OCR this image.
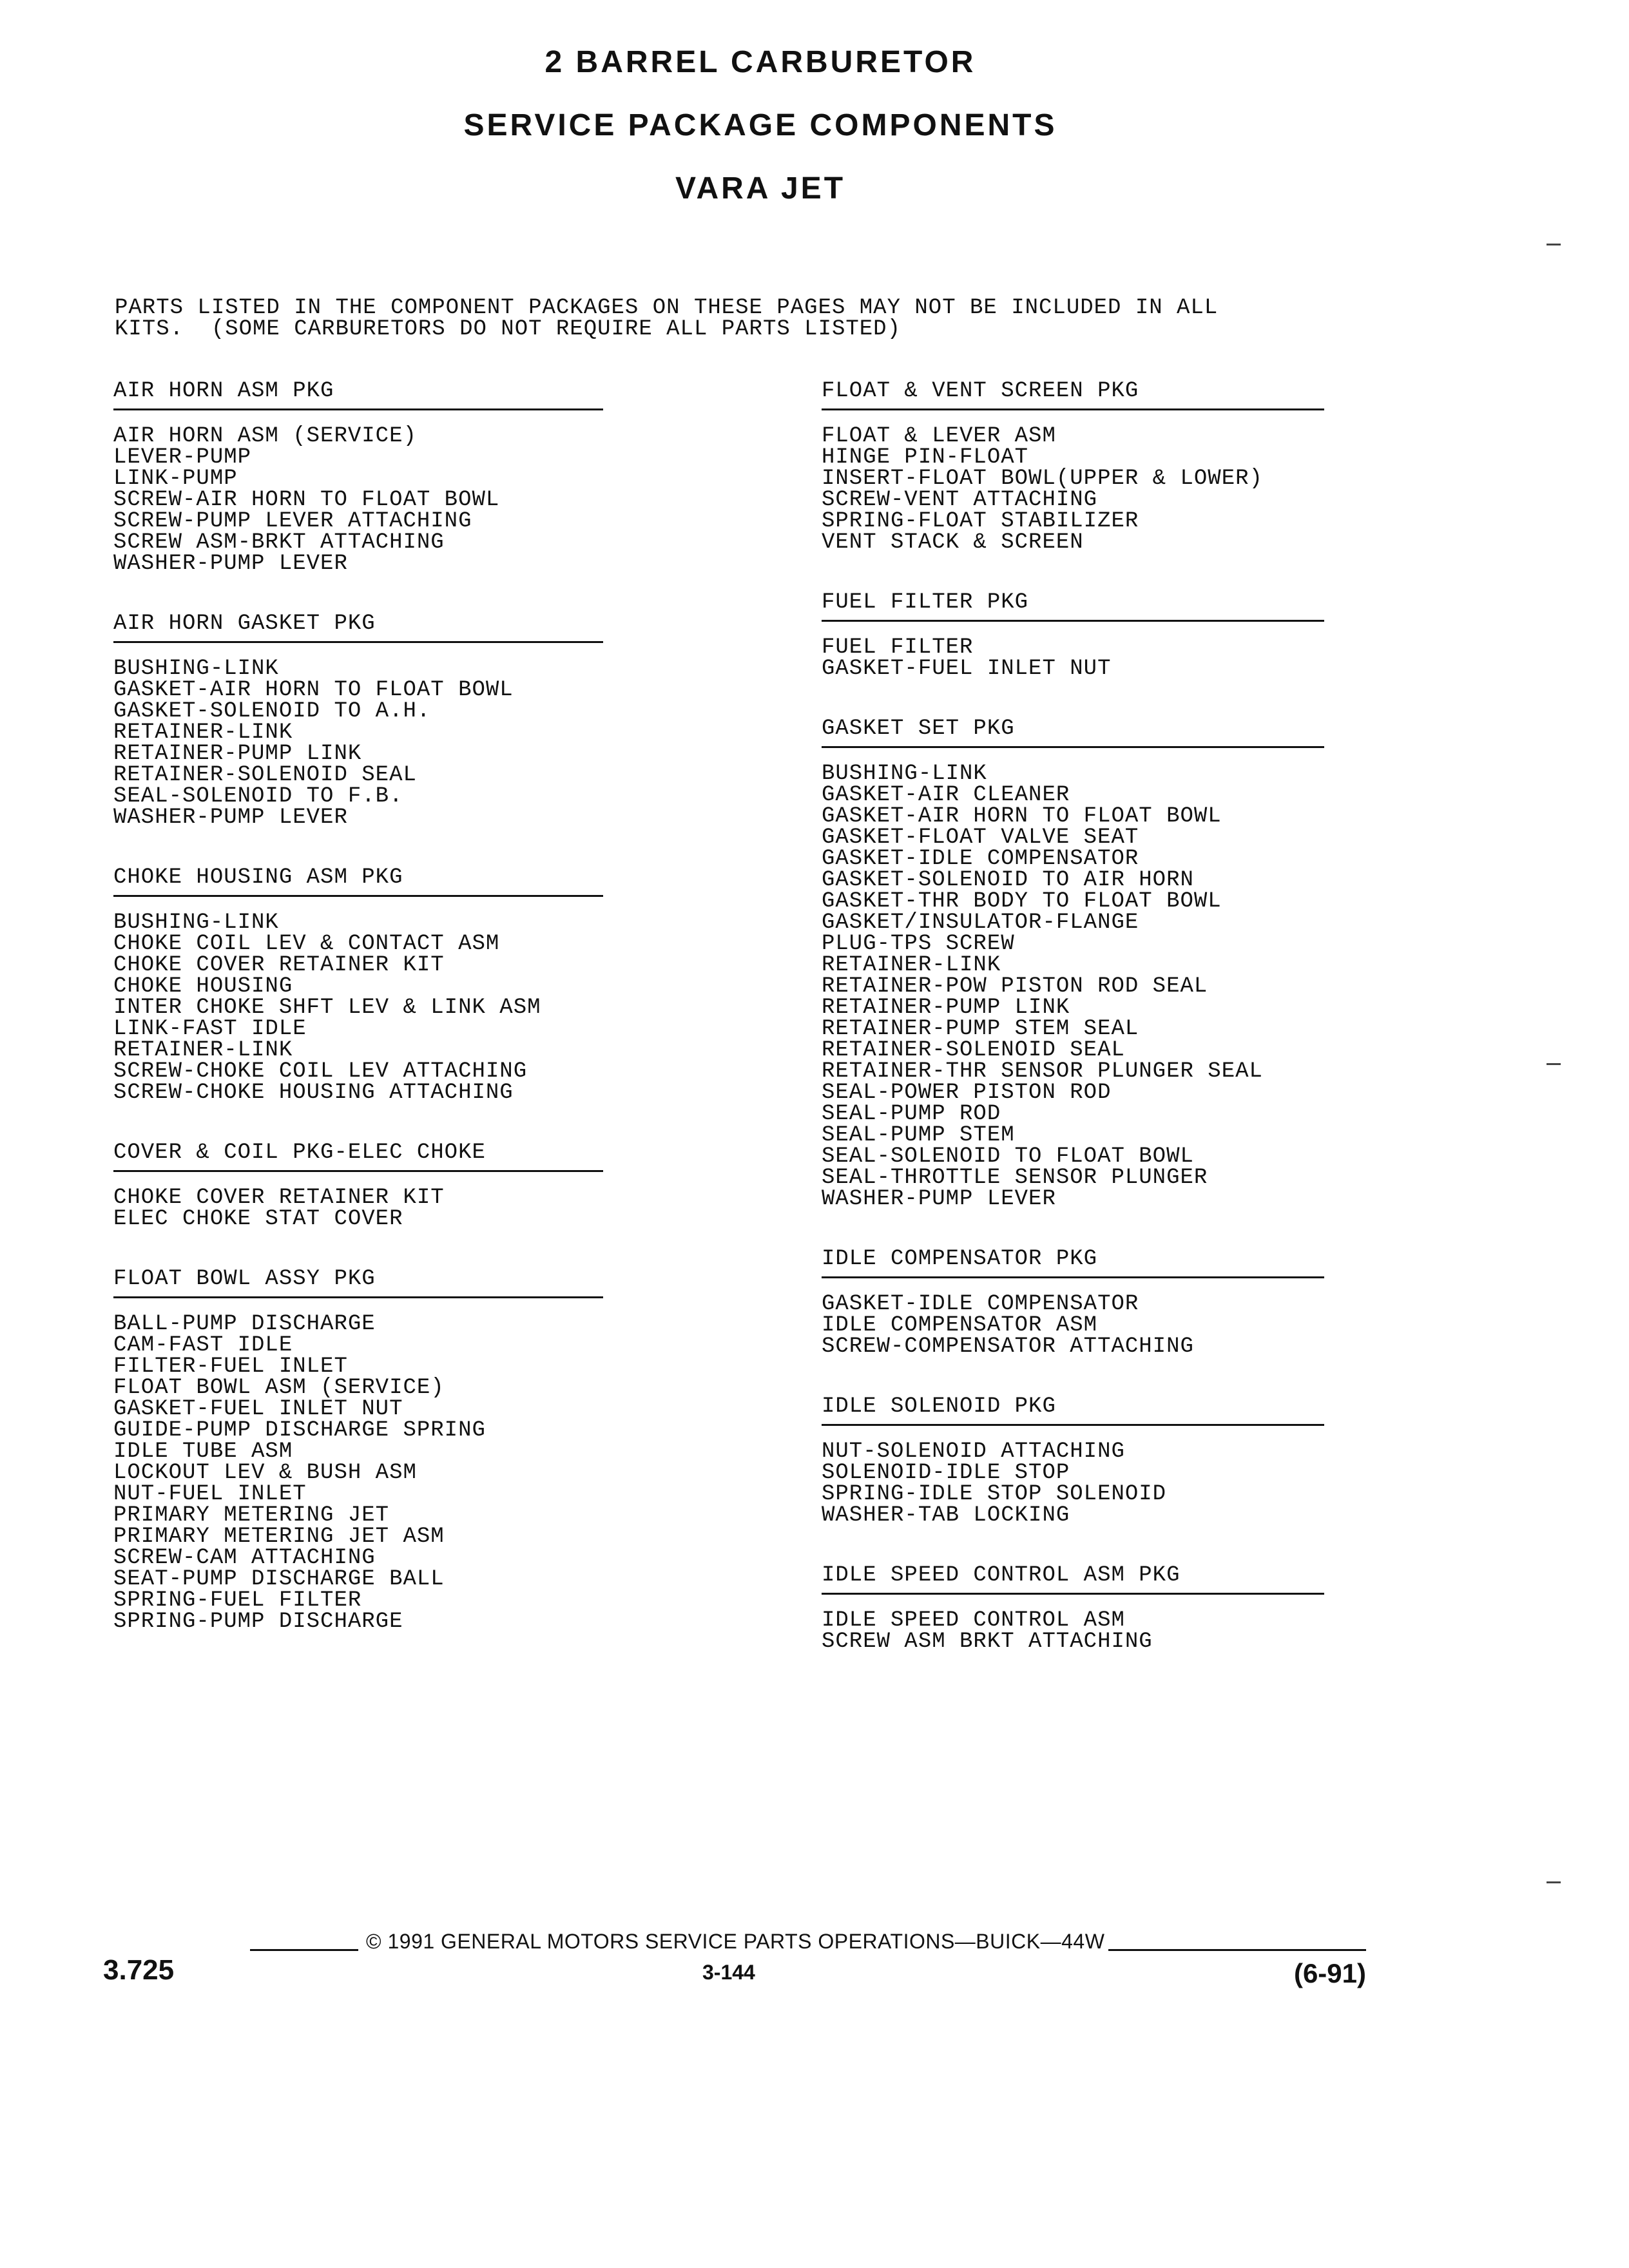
2 BARREL CARBURETOR
SERVICE PACKAGE COMPONENTS
VARA JET
PARTS LISTED IN THE COMPONENT PACKAGES ON THESE PAGES MAY NOT BE INCLUDED IN ALL
KITS.  (SOME CARBURETORS DO NOT REQUIRE ALL PARTS LISTED)
AIR HORN ASM PKG
AIR HORN ASM (SERVICE)
LEVER-PUMP
LINK-PUMP
SCREW-AIR HORN TO FLOAT BOWL
SCREW-PUMP LEVER ATTACHING
SCREW ASM-BRKT ATTACHING
WASHER-PUMP LEVER
AIR HORN GASKET PKG
BUSHING-LINK
GASKET-AIR HORN TO FLOAT BOWL
GASKET-SOLENOID TO A.H.
RETAINER-LINK
RETAINER-PUMP LINK
RETAINER-SOLENOID SEAL
SEAL-SOLENOID TO F.B.
WASHER-PUMP LEVER
CHOKE HOUSING ASM PKG
BUSHING-LINK
CHOKE COIL LEV & CONTACT ASM
CHOKE COVER RETAINER KIT
CHOKE HOUSING
INTER CHOKE SHFT LEV & LINK ASM
LINK-FAST IDLE
RETAINER-LINK
SCREW-CHOKE COIL LEV ATTACHING
SCREW-CHOKE HOUSING ATTACHING
COVER & COIL PKG-ELEC CHOKE
CHOKE COVER RETAINER KIT
ELEC CHOKE STAT COVER
FLOAT BOWL ASSY PKG
BALL-PUMP DISCHARGE
CAM-FAST IDLE
FILTER-FUEL INLET
FLOAT BOWL ASM (SERVICE)
GASKET-FUEL INLET NUT
GUIDE-PUMP DISCHARGE SPRING
IDLE TUBE ASM
LOCKOUT LEV & BUSH ASM
NUT-FUEL INLET
PRIMARY METERING JET
PRIMARY METERING JET ASM
SCREW-CAM ATTACHING
SEAT-PUMP DISCHARGE BALL
SPRING-FUEL FILTER
SPRING-PUMP DISCHARGE
FLOAT & VENT SCREEN PKG
FLOAT & LEVER ASM
HINGE PIN-FLOAT
INSERT-FLOAT BOWL(UPPER & LOWER)
SCREW-VENT ATTACHING
SPRING-FLOAT STABILIZER
VENT STACK & SCREEN
FUEL FILTER PKG
FUEL FILTER
GASKET-FUEL INLET NUT
GASKET SET PKG
BUSHING-LINK
GASKET-AIR CLEANER
GASKET-AIR HORN TO FLOAT BOWL
GASKET-FLOAT VALVE SEAT
GASKET-IDLE COMPENSATOR
GASKET-SOLENOID TO AIR HORN
GASKET-THR BODY TO FLOAT BOWL
GASKET/INSULATOR-FLANGE
PLUG-TPS SCREW
RETAINER-LINK
RETAINER-POW PISTON ROD SEAL
RETAINER-PUMP LINK
RETAINER-PUMP STEM SEAL
RETAINER-SOLENOID SEAL
RETAINER-THR SENSOR PLUNGER SEAL
SEAL-POWER PISTON ROD
SEAL-PUMP ROD
SEAL-PUMP STEM
SEAL-SOLENOID TO FLOAT BOWL
SEAL-THROTTLE SENSOR PLUNGER
WASHER-PUMP LEVER
IDLE COMPENSATOR PKG
GASKET-IDLE COMPENSATOR
IDLE COMPENSATOR ASM
SCREW-COMPENSATOR ATTACHING
IDLE SOLENOID PKG
NUT-SOLENOID ATTACHING
SOLENOID-IDLE STOP
SPRING-IDLE STOP SOLENOID
WASHER-TAB LOCKING
IDLE SPEED CONTROL ASM PKG
IDLE SPEED CONTROL ASM
SCREW ASM BRKT ATTACHING
© 1991 GENERAL MOTORS SERVICE PARTS OPERATIONS—BUICK—44W
3.725	3-144	(6-91)
